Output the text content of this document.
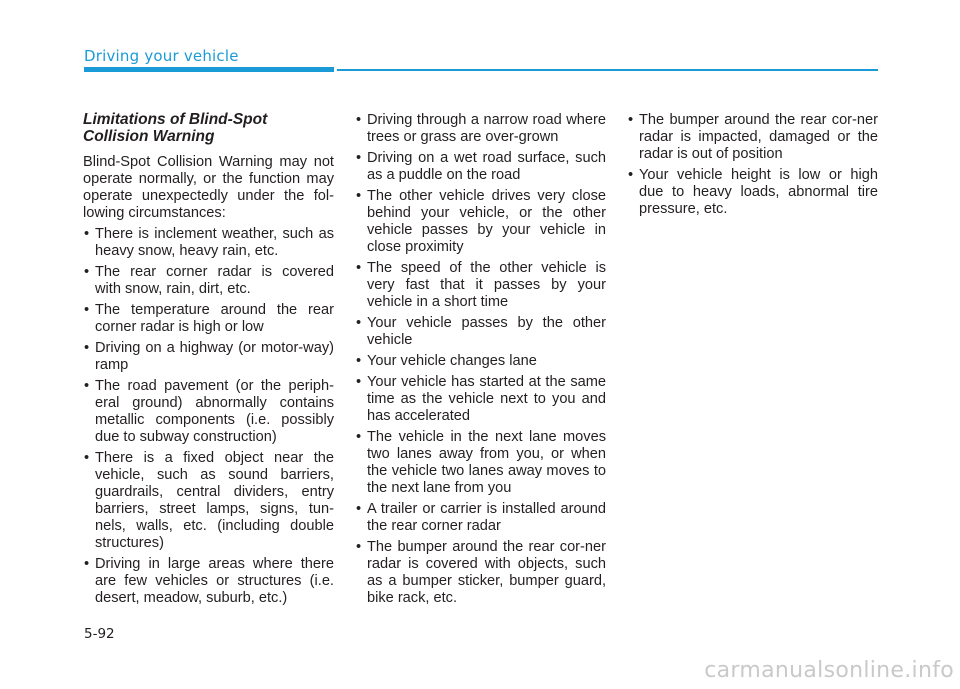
Driving your vehicle
Limitations of Blind-Spot Collision Warning

Blind-Spot Collision Warning may not operate normally, or the function may operate unexpectedly under the fol-lowing circumstances:

• There is inclement weather, such as heavy snow, heavy rain, etc.
• The rear corner radar is covered with snow, rain, dirt, etc.
• The temperature around the rear corner radar is high or low
• Driving on a highway (or motor-way) ramp
• The road pavement (or the periph-eral ground) abnormally contains metallic components (i.e. possibly due to subway construction)
• There is a fixed object near the vehicle, such as sound barriers, guardrails, central dividers, entry barriers, street lamps, signs, tun-nels, walls, etc. (including double structures)
• Driving in large areas where there are few vehicles or structures (i.e. desert, meadow, suburb, etc.)
• Driving through a narrow road where trees or grass are over-grown
• Driving on a wet road surface, such as a puddle on the road
• The other vehicle drives very close behind your vehicle, or the other vehicle passes by your vehicle in close proximity
• The speed of the other vehicle is very fast that it passes by your vehicle in a short time
• Your vehicle passes by the other vehicle
• Your vehicle changes lane
• Your vehicle has started at the same time as the vehicle next to you and has accelerated
• The vehicle in the next lane moves two lanes away from you, or when the vehicle two lanes away moves to the next lane from you
• A trailer or carrier is installed around the rear corner radar
• The bumper around the rear cor-ner radar is covered with objects, such as a bumper sticker, bumper guard, bike rack, etc.
• The bumper around the rear cor-ner radar is impacted, damaged or the radar is out of position
• Your vehicle height is low or high due to heavy loads, abnormal tire pressure, etc.
5-92
carmanualsonline.info
